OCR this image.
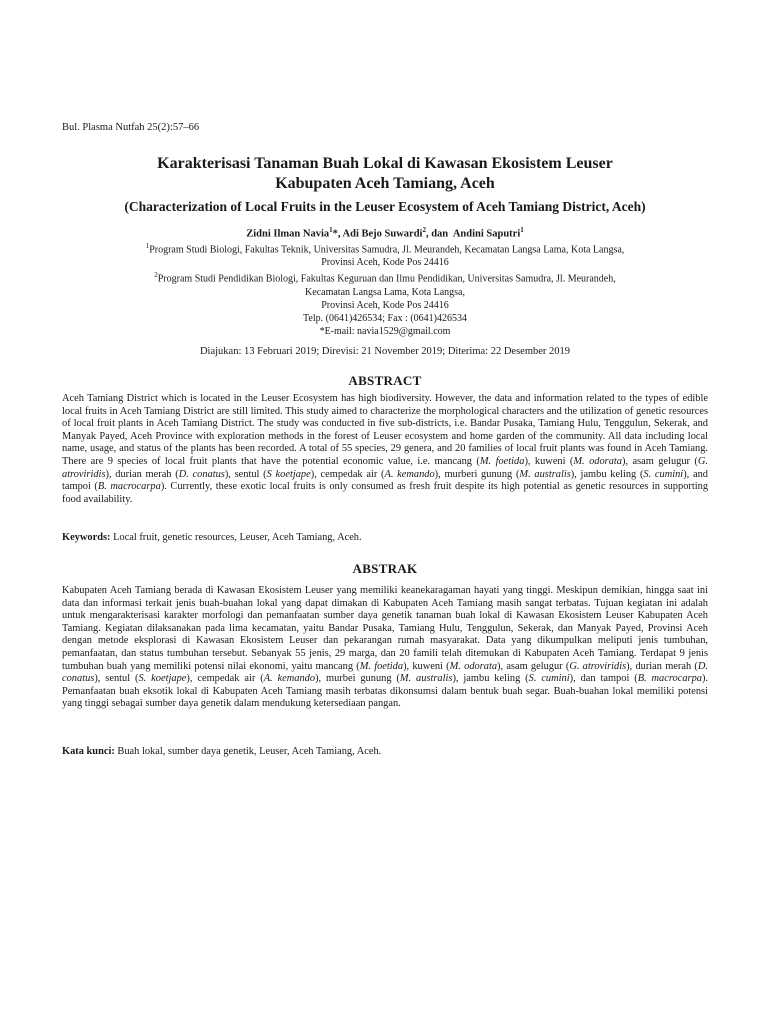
Bul. Plasma Nutfah 25(2):57–66
Karakterisasi Tanaman Buah Lokal di Kawasan Ekosistem Leuser
Kabupaten Aceh Tamiang, Aceh
(Characterization of Local Fruits in the Leuser Ecosystem of Aceh Tamiang District, Aceh)
Zidni Ilman Navia$^1$*, Adi Bejo Suwardi$^2$, dan Andini Saputri$^1$
$^1$Program Studi Biologi, Fakultas Teknik, Universitas Samudra, Jl. Meurandeh, Kecamatan Langsa Lama, Kota Langsa,
Provinsi Aceh, Kode Pos 24416
$^2$Program Studi Pendidikan Biologi, Fakultas Keguruan dan Ilmu Pendidikan, Universitas Samudra, Jl. Meurandeh,
Kecamatan Langsa Lama, Kota Langsa,
Provinsi Aceh, Kode Pos 24416
Telp. (0641)426534; Fax : (0641)426534
*E-mail: navia1529@gmail.com
Diajukan: 13 Februari 2019; Direvisi: 21 November 2019; Diterima: 22 Desember 2019
ABSTRACT
Aceh Tamiang District which is located in the Leuser Ecosystem has high biodiversity. However, the data and information related to the types of edible local fruits in Aceh Tamiang District are still limited. This study aimed to characterize the morphological characters and the utilization of genetic resources of local fruit plants in Aceh Tamiang District. The study was conducted in five sub-districts, i.e. Bandar Pusaka, Tamiang Hulu, Tenggulun, Sekerak, and Manyak Payed, Aceh Province with exploration methods in the forest of Leuser ecosystem and home garden of the community. All data including local name, usage, and status of the plants has been recorded. A total of 55 species, 29 genera, and 20 families of local fruit plants was found in Aceh Tamiang. There are 9 species of local fruit plants that have the potential economic value, i.e. mancang (M. foetida), kuweni (M. odorata), asam gelugur (G. atroviridis), durian merah (D. conatus), sentul (S koetjape), cempedak air (A. kemando), murberi gunung (M. australis), jambu keling (S. cumini), and tampoi (B. macrocarpa). Currently, these exotic local fruits is only consumed as fresh fruit despite its high potential as genetic resources in supporting food availability.
Keywords: Local fruit, genetic resources, Leuser, Aceh Tamiang, Aceh.
ABSTRAK
Kabupaten Aceh Tamiang berada di Kawasan Ekosistem Leuser yang memiliki keanekaragaman hayati yang tinggi. Meskipun demikian, hingga saat ini data dan informasi terkait jenis buah-buahan lokal yang dapat dimakan di Kabupaten Aceh Tamiang masih sangat terbatas. Tujuan kegiatan ini adalah untuk mengarakterisasi karakter morfologi dan pemanfaatan sumber daya genetik tanaman buah lokal di Kawasan Ekosistem Leuser Kabupaten Aceh Tamiang. Kegiatan dilaksanakan pada lima kecamatan, yaitu Bandar Pusaka, Tamiang Hulu, Tenggulun, Sekerak, dan Manyak Payed, Provinsi Aceh dengan metode eksplorasi di Kawasan Ekosistem Leuser dan pekarangan rumah masyarakat. Data yang dikumpulkan meliputi jenis tumbuhan, pemanfaatan, dan status tumbuhan tersebut. Sebanyak 55 jenis, 29 marga, dan 20 famili telah ditemukan di Kabupaten Aceh Tamiang. Terdapat 9 jenis tumbuhan buah yang memiliki potensi nilai ekonomi, yaitu mancang (M. foetida), kuweni (M. odorata), asam gelugur (G. atroviridis), durian merah (D. conatus), sentul (S. koetjape), cempedak air (A. kemando), murbei gunung (M. australis), jambu keling (S. cumini), dan tampoi (B. macrocarpa). Pemanfaatan buah eksotik lokal di Kabupaten Aceh Tamiang masih terbatas dikonsumsi dalam bentuk buah segar. Buah-buahan lokal memiliki potensi yang tinggi sebagai sumber daya genetik dalam mendukung ketersediaan pangan.
Kata kunci: Buah lokal, sumber daya genetik, Leuser, Aceh Tamiang, Aceh.
